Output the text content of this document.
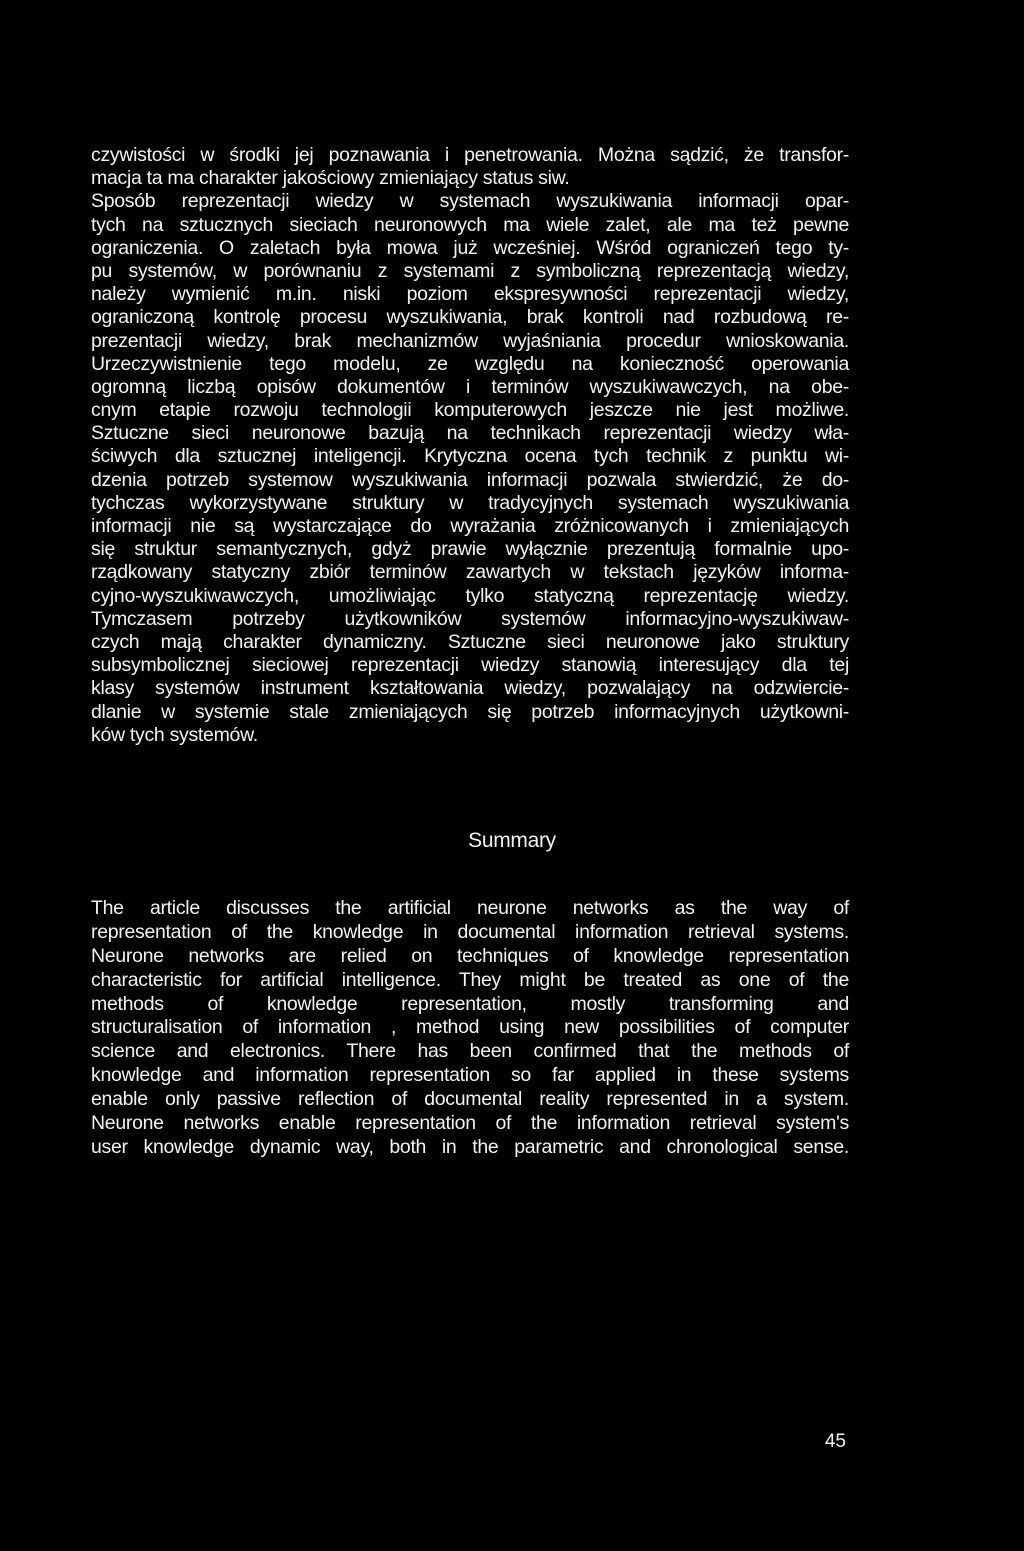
czywistości w środki jej poznawania i penetrowania. Można sądzić, że transfor-
macja ta ma charakter jakościowy zmieniający status siw.
Sposób reprezentacji wiedzy w systemach wyszukiwania informacji opar-
tych na sztucznych sieciach neuronowych ma wiele zalet, ale ma też pewne
ograniczenia. O zaletach była mowa już wcześniej. Wśród ograniczeń tego ty-
pu systemów, w porównaniu z systemami z symboliczną reprezentacją wiedzy,
należy wymienić m.in. niski poziom ekspresywności reprezentacji wiedzy,
ograniczoną kontrolę procesu wyszukiwania, brak kontroli nad rozbudową re-
prezentacji wiedzy, brak mechanizmów wyjaśniania procedur wnioskowania.
Urzeczywistnienie tego modelu, ze względu na konieczność operowania
ogromną liczbą opisów dokumentów i terminów wyszukiwawczych, na obe-
cnym etapie rozwoju technologii komputerowych jeszcze nie jest możliwe.
Sztuczne sieci neuronowe bazują na technikach reprezentacji wiedzy wła-
ściwych dla sztucznej inteligencji. Krytyczna ocena tych technik z punktu wi-
dzenia potrzeb systemow wyszukiwania informacji pozwala stwierdzić, że do-
tychczas wykorzystywane struktury w tradycyjnych systemach wyszukiwania
informacji nie są wystarczające do wyrażania zróżnicowanych i zmieniających
się struktur semantycznych, gdyż prawie wyłącznie prezentują formalnie upo-
rządkowany statyczny zbiór terminów zawartych w tekstach języków informa-
cyjno-wyszukiwawczych, umożliwiając tylko statyczną reprezentację wiedzy.
Tymczasem potrzeby użytkowników systemów informacyjno-wyszukiwaw-
czych mają charakter dynamiczny. Sztuczne sieci neuronowe jako struktury
subsymbolicznej sieciowej reprezentacji wiedzy stanowią interesujący dla tej
klasy systemów instrument kształtowania wiedzy, pozwalający na odzwiercie-
dlanie w systemie stale zmieniających się potrzeb informacyjnych użytkowni-
ków tych systemów.
Summary
The article discusses the artificial neurone networks as the way of
representation of the knowledge in documental information retrieval systems.
Neurone networks are relied on techniques of knowledge representation
characteristic for artificial intelligence. They might be treated as one of the
methods of knowledge representation, mostly transforming and
structuralisation of information , method using new possibilities of computer
science and electronics. There has been confirmed that the methods of
knowledge and information representation so far applied in these systems
enable only passive reflection of documental reality represented in a system.
Neurone networks enable representation of the information retrieval system's
user knowledge dynamic way, both in the parametric and chronological sense.
45
